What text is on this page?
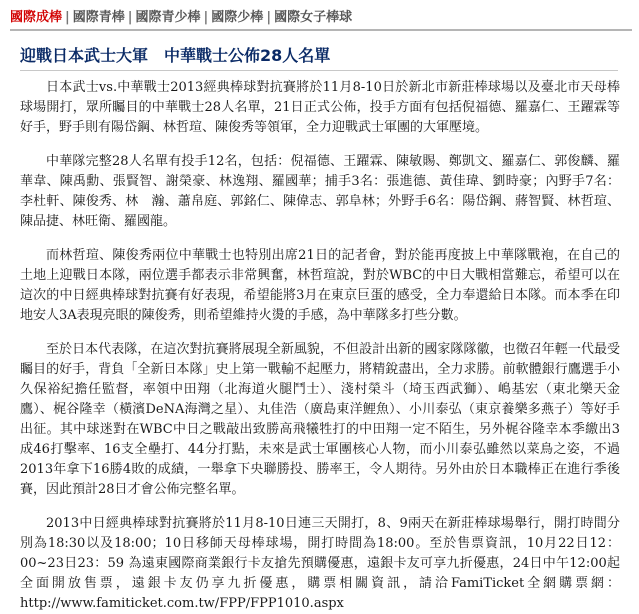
國際成棒 | 國際青棒 | 國際青少棒 | 國際少棒 | 國際女子棒球
迎戰日本武士大軍　中華戰士公佈28人名單

日本武士vs.中華戰士2013經典棒球對抗賽將於11月8-10日於新北市新莊棒球場以及臺北市天母棒球場開打，眾所矚目的中華戰士28人名單，21日正式公佈，投手方面有包括倪福德、羅嘉仁、王躍霖等好手，野手則有陽岱鋼、林哲瑄、陳俊秀等領軍，全力迎戰武士軍團的大軍壓境。

中華隊完整28人名單有投手12名，包括：倪福德、王躍霖、陳敏賜、鄭凱文、羅嘉仁、郭俊麟、羅華韋、陳禹勳、張賢智、謝榮豪、林逸翔、羅國華；捕手3名：張進德、黃佳瑋、劉時豪；內野手7名：李杜軒、陳俊秀、林　瀚、蕭帛庭、郭銘仁、陳偉志、郭阜林；外野手6名：陽岱鋼、蔣智賢、林哲瑄、陳品捷、林旺衛、羅國龍。

而林哲瑄、陳俊秀兩位中華戰士也特別出席21日的記者會，對於能再度披上中華隊戰袍，在自己的土地上迎戰日本隊，兩位選手都表示非常興奮，林哲瑄說，對於WBC的中日大戰相當難忘，希望可以在這次的中日經典棒球對抗賽有好表現，希望能將3月在東京巨蛋的感受，全力奉還給日本隊。而本季在印地安人3A表現亮眼的陳俊秀，則希望維持火燙的手感，為中華隊多打些分數。

至於日本代表隊，在這次對抗賽將展現全新風貌，不但設計出新的國家隊隊徽，也徵召年輕一代最受矚目的好手，背負「全新日本隊」史上第一戰輸不起壓力，將精銳盡出，全力求勝。前軟體銀行鷹選手小久保裕紀擔任監督，率領中田翔（北海道火腿鬥士）、淺村榮斗（埼玉西武獅）、嶋基宏（東北樂天金鷹）、梶谷隆幸（橫濱DeNA海灣之星）、丸佳浩（廣島東洋鯉魚）、小川泰弘（東京養樂多燕子）等好手出征。其中球迷對在WBC中日之戰敲出致勝高飛犧牲打的中田翔一定不陌生，另外梶谷隆幸本季繳出3成46打擊率、16支全壘打、44分打點，未來是武士軍團核心人物，而小川泰弘雖然以菜鳥之姿，不過2013年拿下16勝4敗的成績，一舉拿下央聯勝投、勝率王，令人期待。另外由於日本職棒正在進行季後賽，因此預計28日才會公佈完整名單。

2013中日經典棒球對抗賽將於11月8-10日連三天開打，8、9兩天在新莊棒球場舉行，開打時間分別為18:30以及18:00；10日移師天母棒球場，開打時間為18:00。至於售票資訊，10月22日12：00~23日23：59 為遠東國際商業銀行卡友搶先預購優惠，遠銀卡友可享九折優惠，24日中午12:00起全面開放售票，遠銀卡友仍享九折優惠，購票相關資訊，請洽FamiTicket全網購票網：http://www.famiticket.com.tw/FPP/FPP1010.aspx
